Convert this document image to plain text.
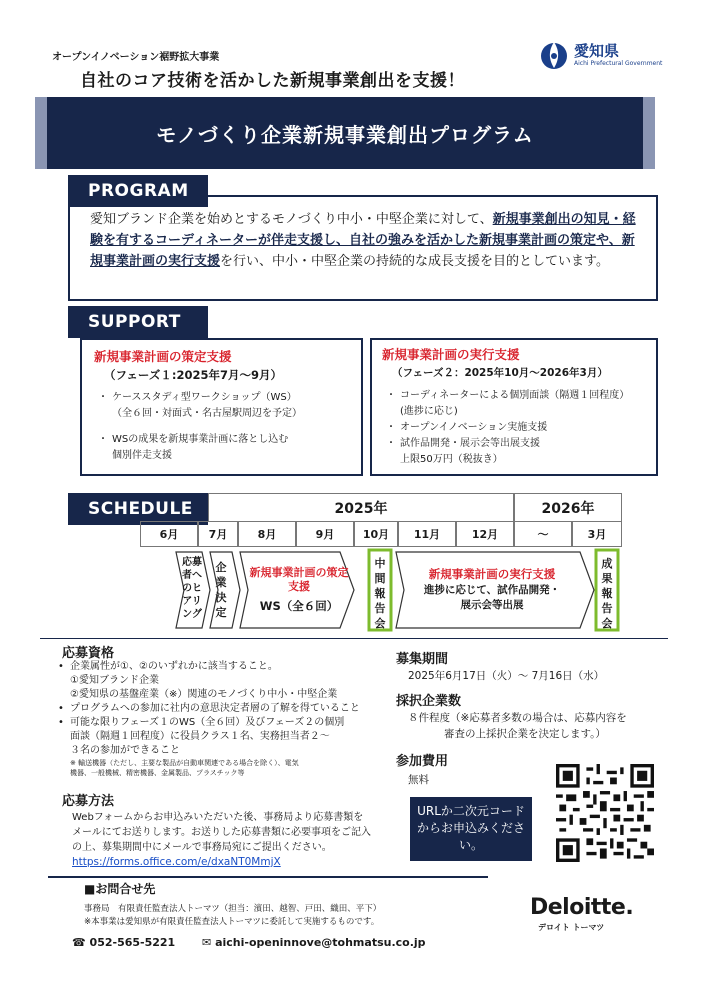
オープンイノベーション裾野拡大事業
自社のコア技術を活かした新規事業創出を支援！
愛知県
Aichi Prefectural Government
モノづくり企業新規事業創出プログラム
愛知ブランド企業を始めとするモノづくり中小・中堅企業に対して、新規事業創出の知見・経験を有するコーディネーターが伴走支援し、自社の強みを活かした新規事業計画の策定や、新規事業計画の実行支援を行い、中小・中堅企業の持続的な成長支援を目的としています。
PROGRAM
SUPPORT
新規事業計画の策定支援
（フェーズ１:2025年7月～9月）
・ ケーススタディ型ワークショップ（WS）
（全６回・対面式・名古屋駅周辺を予定）
・ WSの成果を新規事業計画に落とし込む
個別伴走支援
新規事業計画の実行支援
（フェーズ２：2025年10月～2026年3月）
・ コーディネーターによる個別面談（隔週１回程度）
(進捗に応じ)
・ オープンイノベーション実施支援
・ 試作品開発・展示会等出展支援
上限50万円（税抜き）
SCHEDULE	2025年	2026年
6月	7月	8月	9月	10月	11月	12月	～	3月
応募者へのヒアリング
企業決定
新規事業計画の策定支援
WS（全６回）
中間報告会
新規事業計画の実行支援
進捗に応じて、試作品開発・
展示会等出展
成果報告会
応募資格
• 企業属性が①、②のいずれかに該当すること。
①愛知ブランド企業
②愛知県の基盤産業（※）関連のモノづくり中小・中堅企業
• プログラムへの参加に社内の意思決定者層の了解を得ていること
• 可能な限りフェーズ１のWS（全６回）及びフェーズ２の個別
面談（隔週１回程度）に役員クラス１名、実務担当者２～
３名の参加ができること
※ 輸送機器（ただし、主要な製品が自動車関連である場合を除く）、電気
機器、一般機械、精密機器、金属製品、プラスチック等
応募方法
Webフォームからお申込みいただいた後、事務局より応募書類を
メールにてお送りします。お送りした応募書類に必要事項をご記入
の上、募集期間中にメールで事務局宛にご提出ください。
https://forms.office.com/e/dxaNT0MmjX
募集期間
2025年6月17日（火）～ 7月16日（水）
採択企業数
８件程度（※応募者多数の場合は、応募内容を
審査の上採択企業を決定します。）
参加費用
無料
URLか二次元コードからお申込みください。
■お問合せ先
事務局　有限責任監査法人トーマツ（担当：濱田、越智、戸田、織田、平下）
※本事業は愛知県が有限責任監査法人トーマツに委託して実施するものです。
☎ 052-565-5221 ✉ aichi-openinnove@tohmatsu.co.jp
Deloitte.
デロイト トーマツ
